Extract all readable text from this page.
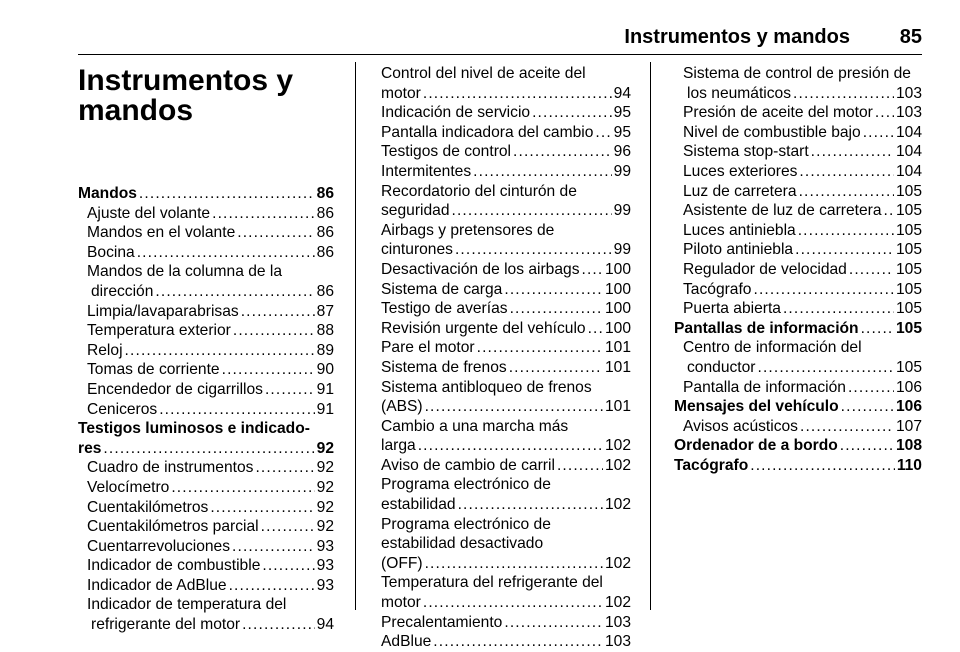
Instrumentos y mandos 85
Instrumentos y
mandos
Mandos . . .	86
Ajuste del volante . . .	86
Mandos en el volante . . .	86
Bocina . . .	86
Mandos de la columna de la
dirección . . .	86
Limpia/lavaparabrisas . . .	87
Temperatura exterior . . .	88
Reloj . . .	89
Tomas de corriente . . .	90
Encendedor de cigarrillos . . .	91
Ceniceros . . .	91
Testigos luminosos e indicado-
res . . .	92
Cuadro de instrumentos . . .	92
Velocímetro . . .	92
Cuentakilómetros . . .	92
Cuentakilómetros parcial . . .	92
Cuentarrevoluciones . . .	93
Indicador de combustible . . .	93
Indicador de AdBlue . . .	93
Indicador de temperatura del
refrigerante del motor . . .	94
Control del nivel de aceite del
motor . . .	94
Indicación de servicio . . .	95
Pantalla indicadora del cambio . . . 95
Testigos de control . . .	96
Intermitentes . . .	99
Recordatorio del cinturón de
seguridad . . .	99
Airbags y pretensores de
cinturones . . .	99
Desactivación de los airbags . . . 100
Sistema de carga . . .	100
Testigo de averías . . .	100
Revisión urgente del vehículo . . . 100
Pare el motor . . .	101
Sistema de frenos . . .	101
Sistema antibloqueo de frenos
(ABS) . . .	101
Cambio a una marcha más
larga . . .	102
Aviso de cambio de carril . . .	102
Programa electrónico de
estabilidad . . .	102
Programa electrónico de
estabilidad desactivado
(OFF) . . .	102
Temperatura del refrigerante del
motor . . .	102
Precalentamiento . . .	103
AdBlue . . .	103
Sistema de control de presión de
los neumáticos . . .	103
Presión de aceite del motor . . . 103
Nivel de combustible bajo . . . 104
Sistema stop-start . . .	104
Luces exteriores . . .	104
Luz de carretera . . .	105
Asistente de luz de carretera . . . 105
Luces antiniebla . . .	105
Piloto antiniebla . . .	105
Regulador de velocidad . . .	105
Tacógrafo . . .	105
Puerta abierta . . .	105
Pantallas de información . . . 105
Centro de información del
conductor . . .	105
Pantalla de información . . .	106
Mensajes del vehículo . . .	106
Avisos acústicos . . .	107
Ordenador de a bordo . . .	108
Tacógrafo . . .	110
